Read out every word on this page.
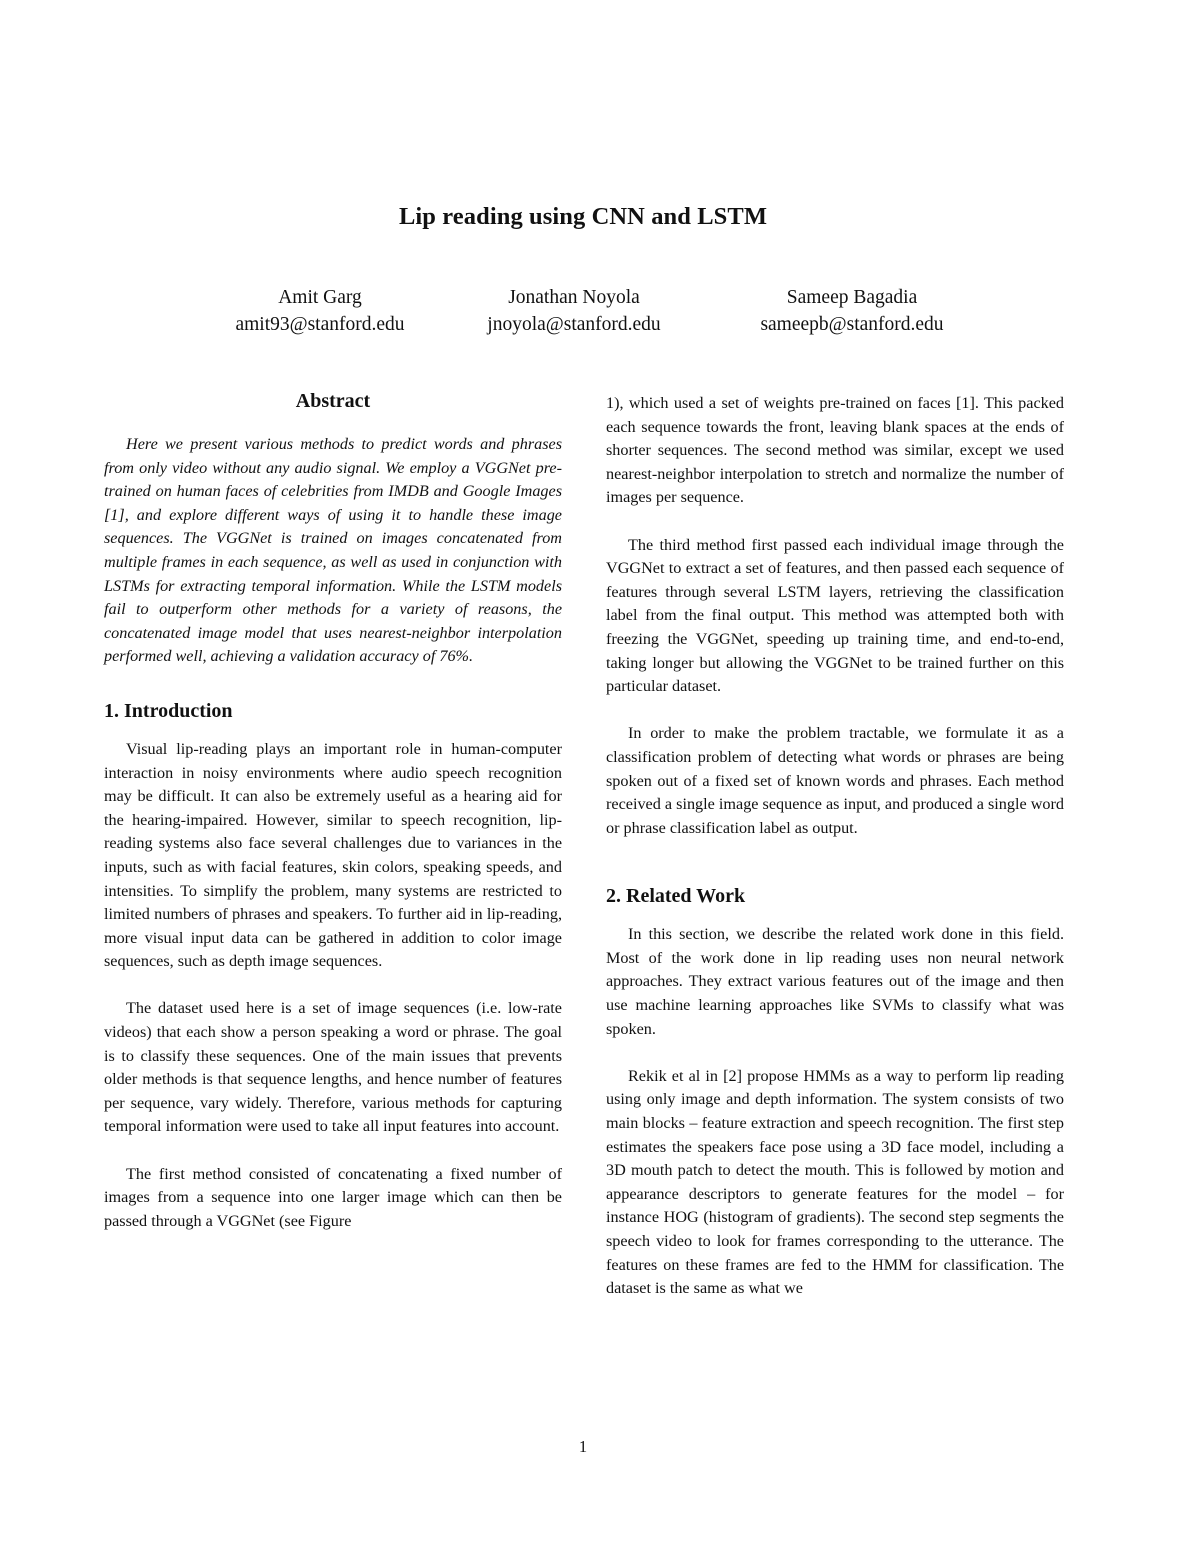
Lip reading using CNN and LSTM
Amit Garg
amit93@stanford.edu
Jonathan Noyola
jnoyola@stanford.edu
Sameep Bagadia
sameepb@stanford.edu
Abstract

Here we present various methods to predict words and phrases from only video without any audio signal. We employ a VGGNet pre-trained on human faces of celebrities from IMDB and Google Images [1], and explore different ways of using it to handle these image sequences. The VGGNet is trained on images concatenated from multiple frames in each sequence, as well as used in conjunction with LSTMs for extracting temporal information. While the LSTM models fail to outperform other methods for a variety of reasons, the concatenated image model that uses nearest-neighbor interpolation performed well, achieving a validation accuracy of 76%.

1. Introduction

Visual lip-reading plays an important role in human-computer interaction in noisy environments where audio speech recognition may be difficult. It can also be extremely useful as a hearing aid for the hearing-impaired. However, similar to speech recognition, lip-reading systems also face several challenges due to variances in the inputs, such as with facial features, skin colors, speaking speeds, and intensities. To simplify the problem, many systems are restricted to limited numbers of phrases and speakers. To further aid in lip-reading, more visual input data can be gathered in addition to color image sequences, such as depth image sequences.

The dataset used here is a set of image sequences (i.e. low-rate videos) that each show a person speaking a word or phrase. The goal is to classify these sequences. One of the main issues that prevents older methods is that sequence lengths, and hence number of features per sequence, vary widely. Therefore, various methods for capturing temporal information were used to take all input features into account.

The first method consisted of concatenating a fixed number of images from a sequence into one larger image which can then be passed through a VGGNet (see Figure

1), which used a set of weights pre-trained on faces [1]. This packed each sequence towards the front, leaving blank spaces at the ends of shorter sequences. The second method was similar, except we used nearest-neighbor interpolation to stretch and normalize the number of images per sequence.

The third method first passed each individual image through the VGGNet to extract a set of features, and then passed each sequence of features through several LSTM layers, retrieving the classification label from the final output. This method was attempted both with freezing the VGGNet, speeding up training time, and end-to-end, taking longer but allowing the VGGNet to be trained further on this particular dataset.

In order to make the problem tractable, we formulate it as a classification problem of detecting what words or phrases are being spoken out of a fixed set of known words and phrases. Each method received a single image sequence as input, and produced a single word or phrase classification label as output.

2. Related Work

In this section, we describe the related work done in this field. Most of the work done in lip reading uses non neural network approaches. They extract various features out of the image and then use machine learning approaches like SVMs to classify what was spoken.

Rekik et al in [2] propose HMMs as a way to perform lip reading using only image and depth information. The system consists of two main blocks – feature extraction and speech recognition. The first step estimates the speakers face pose using a 3D face model, including a 3D mouth patch to detect the mouth. This is followed by motion and appearance descriptors to generate features for the model – for instance HOG (histogram of gradients). The second step segments the speech video to look for frames corresponding to the utterance. The features on these frames are fed to the HMM for classification. The dataset is the same as what we

1
